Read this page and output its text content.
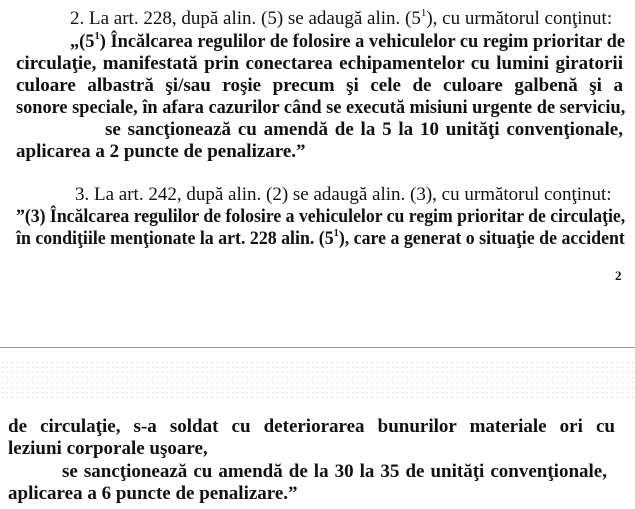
2. La art. 228, după alin. (5) se adaugă alin. $(5^1)$, cu următorul conţinut:
$„(5^1)$ Încălcarea regulilor de folosire a vehiculelor cu regim prioritar de
circulaţie, manifestată prin conectarea echipamentelor cu lumini giratorii
culoare albastră şi/sau roşie precum şi cele de culoare galbenă şi a
sonore speciale, în afara cazurilor când se execută misiuni urgente de serviciu,
se sancţionează cu amendă de la 5 la 10 unităţi convenţionale,
aplicarea a 2 puncte de penalizare.”
3. La art. 242, după alin. (2) se adaugă alin. (3), cu următorul conţinut:
”(3) Încălcarea regulilor de folosire a vehiculelor cu regim prioritar de circulaţie,
în condiţiile menţionate la art. 228 alin. $(5^1)$, care a generat o situaţie de accident
2
de circulaţie, s-a soldat cu deteriorarea bunurilor materiale ori cu
leziuni corporale uşoare,
se sancţionează cu amendă de la 30 la 35 de unităţi convenţionale,
aplicarea a 6 puncte de penalizare.”
